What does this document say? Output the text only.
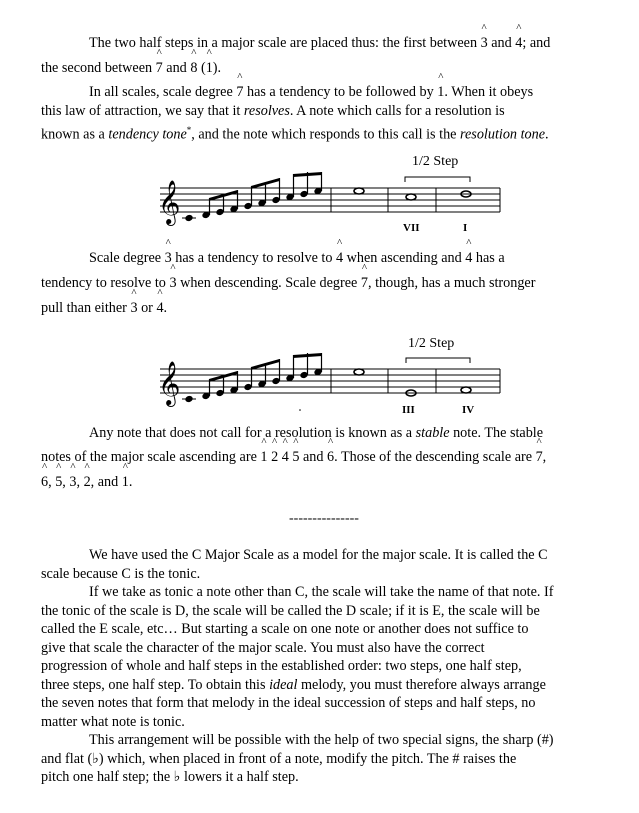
The two half steps in a major scale are placed thus: the first between ^ 3 and ^ 4; and
the second between ^ 7 and ^ 8 (^ 1).
In all scales, scale degree ^ 7 has a tendency to be followed by ^ 1. When it obeys
this law of attraction, we say that it resolves. A note which calls for a resolution is
known as a tendency tone*, and the note which responds to this call is the resolution tone.
1/2 Step
𝄞
VII	I
Scale degree ^ 3 has a tendency to resolve to ^ 4 when ascending and ^ 4 has a
tendency to resolve to ^ 3 when descending. Scale degree ^ 7, though, has a much stronger
pull than either ^ 3 or ^ 4.
1/2 Step
𝄞
III	IV
Any note that does not call for a resolution is known as a stable note. The stable
notes of the major scale ascending are ^ 1 ^ 2 ^ 4 ^ 5 and ^ 6. Those of the descending scale are ^ 7,
^ 6, ^ 5, ^ 3, ^ 2, and ^ 1.
---------------
We have used the C Major Scale as a model for the major scale. It is called the C
scale because C is the tonic.
If we take as tonic a note other than C, the scale will take the name of that note. If
the tonic of the scale is D, the scale will be called the D scale; if it is E, the scale will be
called the E scale, etc… But starting a scale on one note or another does not suffice to
give that scale the character of the major scale. You must also have the correct
progression of whole and half steps in the established order: two steps, one half step,
three steps, one half step. To obtain this ideal melody, you must therefore always arrange
the seven notes that form that melody in the ideal succession of steps and half steps, no
matter what note is tonic.
This arrangement will be possible with the help of two special signs, the sharp (#)
and flat (♭) which, when placed in front of a note, modify the pitch. The # raises the
pitch one half step; the ♭ lowers it a half step.
